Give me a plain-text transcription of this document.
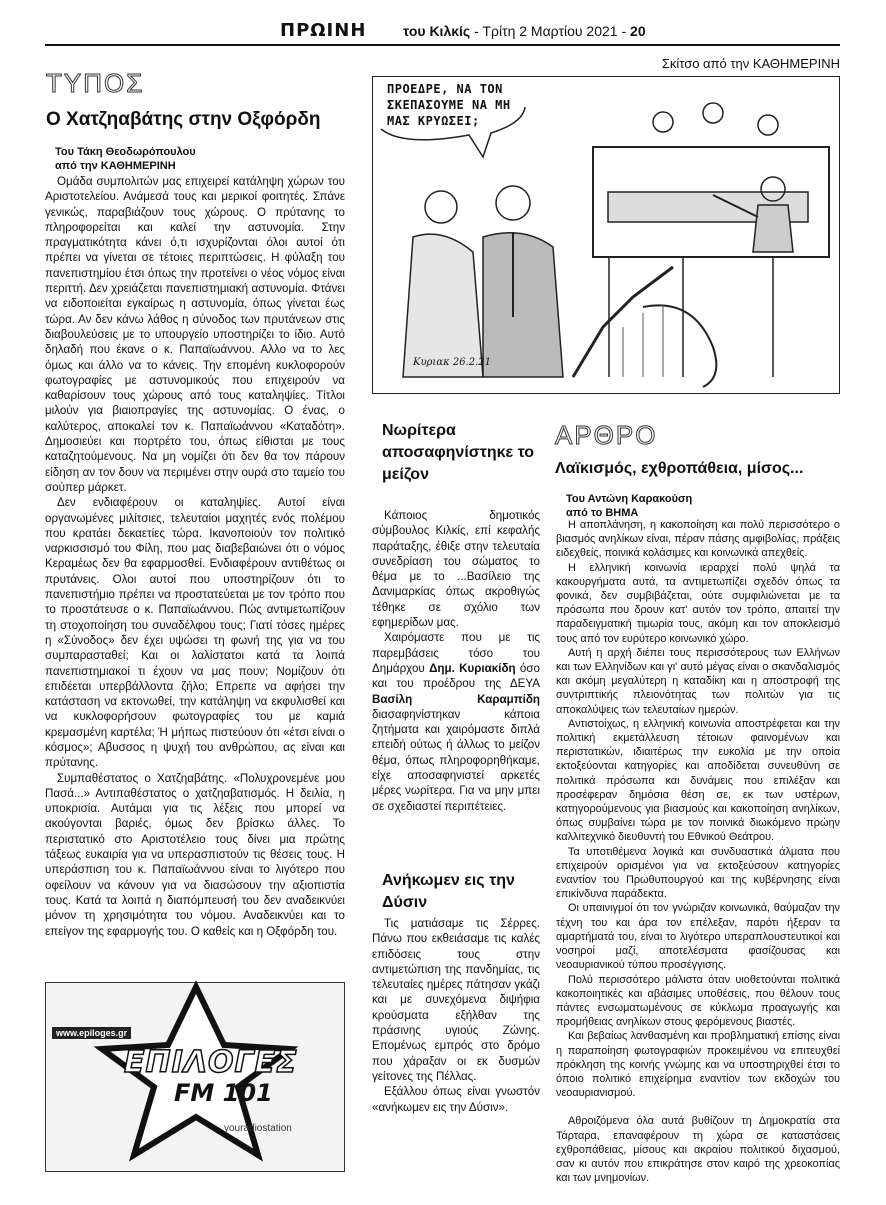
ΠΡΩΙΝΗ	του Κιλκίς - Τρίτη 2 Μαρτίου 2021 - 20
Σκίτσο από την ΚΑΘΗΜΕΡΙΝΗ
ΤΥΠΟΣ
Ο Χατζηαβάτης στην Οξφόρδη
Του Τάκη Θεοδωρόπουλου
από την ΚΑΘΗΜΕΡΙΝΗ

Ομάδα συμπολιτών μας επιχειρεί κατάληψη χώρων του Αριστοτελείου. Ανάμεσά τους και μερικοί φοιτητές. Σπάνε γενικώς, παραβιάζουν τους χώρους. Ο πρύτανης το πληροφορείται και καλεί την αστυνομία. Στην πραγματικότητα κάνει ό,τι ισχυρίζονται όλοι αυτοί ότι πρέπει να γίνεται σε τέτοιες περιπτώσεις. Η φύλαξη του πανεπιστημίου έτσι όπως την προτείνει ο νέος νόμος είναι περιττή. Δεν χρειάζεται πανεπιστημιακή αστυνομία. Φτάνει να ειδοποιείται εγκαίρως η αστυνομία, όπως γίνεται έως τώρα. Αν δεν κάνω λάθος η σύνοδος των πρυτάνεων στις διαβουλεύσεις με το υπουργείο υποστηρίζει το ίδιο. Αυτό δηλαδή που έκανε ο κ. Παπαϊωάννου. Αλλο να το λες όμως και άλλο να το κάνεις. Την επομένη κυκλοφορούν φωτογραφίες με αστυνομικούς που επιχειρούν να καθαρίσουν τους χώρους από τους καταληψίες. Τίτλοι μιλούν για βιαιοπραγίες της αστυνομίας. Ο ένας, ο καλύτερος, αποκαλεί τον κ. Παπαϊωάννου «Καταδότη». Δημοσιεύει και πορτρέτο του, όπως είθισται με τους καταζητούμενους. Να μη νομίζει ότι δεν θα τον πάρουν είδηση αν τον δουν να περιμένει στην ουρά στο ταμείο του σούπερ μάρκετ.

Δεν ενδιαφέρουν οι καταληψίες. Αυτοί είναι οργανωμένες μιλίτσιες, τελευταίοι μαχητές ενός πολέμου που κρατάει δεκαετίες τώρα. Ικανοποιούν τον πολιτικό ναρκισσισμό του Φίλη, που μας διαβεβαιώνει ότι ο νόμος Κεραμέως δεν θα εφαρμοσθεί. Ενδιαφέρουν αντιθέτως οι πρυτάνεις. Ολοι αυτοί που υποστηρίζουν ότι το πανεπιστήμιο πρέπει να προστατεύεται με τον τρόπο που το προστάτευσε ο κ. Παπαϊωάννου. Πώς αντιμετωπίζουν τη στοχοποίηση του συναδέλφου τους; Γιατί τόσες ημέρες η «Σύνοδος» δεν έχει υψώσει τη φωνή της για να του συμπαρασταθεί; Και οι λαλίστατοι κατά τα λοιπά πανεπιστημιακοί τι έχουν να μας πουν; Νομίζουν ότι επιδέεται υπερβάλλοντα ζήλο; Επρεπε να αφήσει την κατάσταση να εκτονωθεί, την κατάληψη να εκφυλισθεί και να κυκλοφορήσουν φωτογραφίες του με καμιά κρεμασμένη καρτέλα; Ή μήπως πιστεύουν ότι «έτσι είναι ο κόσμος»; Αβυσσος η ψυχή του ανθρώπου, ας είναι και πρύτανης.

Συμπαθέστατος ο Χατζηαβάτης. «Πολυχρονεμένε μου Πασά...» Αντιπαθέστατος ο χατζηαβατισμός. Η δειλία, η υποκρισία. Αυτάμαι για τις λέξεις που μπορεί να ακούγονται βαριές, όμως δεν βρίσκω άλλες. Το περιστατικό στο Αριστοτέλειο τους δίνει μια πρώτης τάξεως ευκαιρία για να υπερασπιστούν τις θέσεις τους. Η υπεράσπιση του κ. Παπαϊωάννου είναι το λιγότερο που οφείλουν να κάνουν για να διασώσουν την αξιοπιστία τους. Κατά τα λοιπά η διαπόμπευσή του δεν αναδεικνύει μόνον τη χρησιμότητα του νόμου. Αναδεικνύει και το επείγον της εφαρμογής του. Ο καθείς και η Οξφόρδη του.

www.epiloges.gr
ΕΠΙΛΟΓΕΣ
FM 101
youradiostation
ΠΡΟΕΔΡΕ, ΝΑ ΤΟΝ
ΣΚΕΠΑΣΟΥΜΕ ΝΑ ΜΗ
ΜΑΣ ΚΡΥΩΣΕΙ;
Κυριακ 26.2.21
Νωρίτερα αποσαφηνίστηκε το μείζον

Κάποιος δημοτικός σύμβουλος Κιλκίς, επί κεφαλής παράταξης, έθιξε στην τελευταία συνεδρίαση του σώματος το θέμα με το ...Βασίλειο της Δανιμαρκίας όπως ακροθιγώς τέθηκε σε σχόλιο των εφημερίδων μας.

Χαιρόμαστε που με τις παρεμβάσεις τόσο του Δημάρχου Δημ. Κυριακίδη όσο και του προέδρου της ΔΕΥΑ Βασίλη Καραμπίδη διασαφηνίστηκαν κάποια ζητήματα και χαιρόμαστε διπλά επειδή ούτως ή άλλως το μείζον θέμα, όπως πληροφορηθήκαμε, είχε αποσαφηνιστεί αρκετές μέρες νωρίτερα. Για να μην μπει σε σχεδιαστεί περιπέτειες.

Ανήκωμεν εις την Δύσιν

Τις ματιάσαμε τις Σέρρες. Πάνω που εκθειάσαμε τις καλές επιδόσεις τους στην αντιμετώπιση της πανδημίας, τις τελευταίες ημέρες πάτησαν γκάζι και με συνεχόμενα διψήφια κρούσματα εξήλθαν της πράσινης υγιούς Ζώνης. Επομένως εμπρός στο δρόμο που χάραξαν οι εκ δυσμών γείτονες της Πέλλας.

Εξάλλου όπως είναι γνωστόν «ανήκωμεν εις την Δύσιν».

ΑΡΘΡΟ
Λαϊκισμός, εχθροπάθεια, μίσος...
Του Αντώνη Καρακούση
από το ΒΗΜΑ

Η αποπλάνηση, η κακοποίηση και πολύ περισσότερο ο βιασμός ανηλίκων είναι, πέραν πάσης αμφιβολίας, πράξεις ειδεχθείς, ποινικά κολάσιμες και κοινωνικά απεχθείς.

Η ελληνική κοινωνία ιεραρχεί πολύ ψηλά τα κακουργήματα αυτά, τα αντιμετωπίζει σχεδόν όπως τα φονικά, δεν συμβιβάζεται, ούτε συμφιλιώνεται με τα πρόσωπα που δρουν κατ' αυτόν τον τρόπο, απαιτεί την παραδειγματική τιμωρία τους, ακόμη και τον αποκλεισμό τους από τον ευρύτερο κοινωνικό χώρο.

Αυτή η αρχή διέπει τους περισσότερους των Ελλήνων και των Ελληνίδων και γι' αυτό μέγας είναι ο σκανδαλισμός και ακόμη μεγαλύτερη η καταδίκη και η αποστροφή της συντριπτικής πλειονότητας των πολιτών για τις αποκαλύψεις των τελευταίων ημερών.

Αντιστοίχως, η ελληνική κοινωνία αποστρέφεται και την πολιτική εκμετάλλευση τέτοιων φαινομένων και περιστατικών, ιδιαιτέρως την ευκολία με την οποία εκτοξεύονται κατηγορίες και αποδίδεται συνευθύνη σε πολιτικά πρόσωπα και δυνάμεις που επιλέξαν και προσέφεραν δημόσια θέση σε, εκ των υστέρων, κατηγορούμενους για βιασμούς και κακοποίηση ανηλίκων, όπως συμβαίνει τώρα με τον ποινικά διωκόμενο πρώην καλλιτεχνικό διευθυντή του Εθνικού Θεάτρου.

Τα υποτιθέμενα λογικά και συνδυαστικά άλματα που επιχειρούν ορισμένοι για να εκτοξεύσουν κατηγορίες εναντίον του Πρωθυπουργού και της κυβέρνησης είναι επικίνδυνα παράδεκτα.

Οι υπαινιγμοί ότι τον γνώριζαν κοινωνικά, θαύμαζαν την τέχνη του και άρα τον επέλεξαν, παρότι ήξεραν τα αμαρτήματά του, είναι το λιγότερο υπεραπλουστευτικοί και νοσηροί μαζί, αποτελέσματα φασίζουσας και νεοαυριανικού τύπου προσέγγισης.

Πολύ περισσότερο μάλιστα όταν υιοθετούνται πολιτικά κακοποιητικές και αβάσιμες υποθέσεις, που θέλουν τους πάντες ενσωματωμένους σε κύκλωμα προαγωγής και προμήθειας ανηλίκων στους φερόμενους βιαστές.

Και βεβαίως λανθασμένη και προβληματική επίσης είναι η παραποίηση φωτογραφιών προκειμένου να επιτευχθεί πρόκληση της κοινής γνώμης και να υποστηριχθεί έτσι το όποιο πολιτικό επιχείρημα εναντίον των εκδοχών του νεοαυριανισμού.

Αθροιζόμενα όλα αυτά βυθίζουν τη Δημοκρατία στα Τάρταρα, επαναφέρουν τη χώρα σε καταστάσεις εχθροπάθειας, μίσους και ακραίου πολιτικού διχασμού, σαν κι αυτόν που επικράτησε στον καιρό της χρεοκοπίας και των μνημονίων.
